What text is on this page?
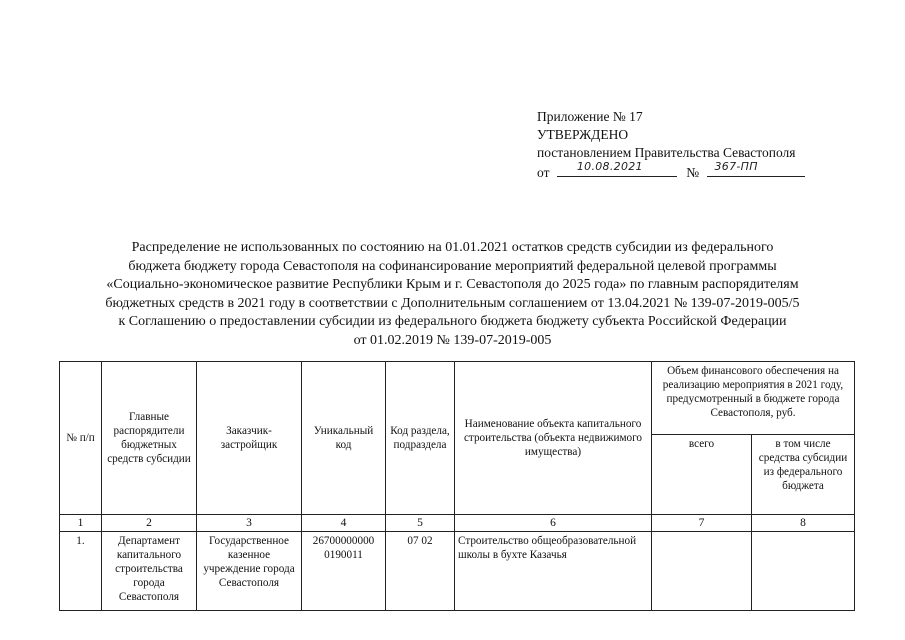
Приложение № 17
УТВЕРЖДЕНО
постановлением Правительства Севастополя
от 10.08.2021	№ 367-ПП
Распределение не использованных по состоянию на 01.01.2021 остатков средств субсидии из федерального
бюджета бюджету города Севастополя на софинансирование мероприятий федеральной целевой программы
«Социально-экономическое развитие Республики Крым и г. Севастополя до 2025 года» по главным распорядителям
бюджетных средств в 2021 году в соответствии с Дополнительным соглашением от 13.04.2021 № 139-07-2019-005/5
к Соглашению о предоставлении субсидии из федерального бюджета бюджету субъекта Российской Федерации
от 01.02.2019 № 139-07-2019-005
№ п/п	Главные распорядители бюджетных средств субсидии	Заказчик-застройщик	Уникальный код	Код раздела, подраздела	Наименование объекта капитального строительства (объекта недвижимого имущества)	Объем финансового обеспечения на реализацию мероприятия в 2021 году, предусмотренный в бюджете города Севастополя, руб.	
						всего	в том числе средства субсидии из федерального бюджета
1	2	3	4	5	6	7	8
1.	Департамент капитального строительства города Севастополя	Государственное казенное учреждение города Севастополя	26700000000 0190011	07 02	Строительство общеобразовательной школы в бухте Казачья		
